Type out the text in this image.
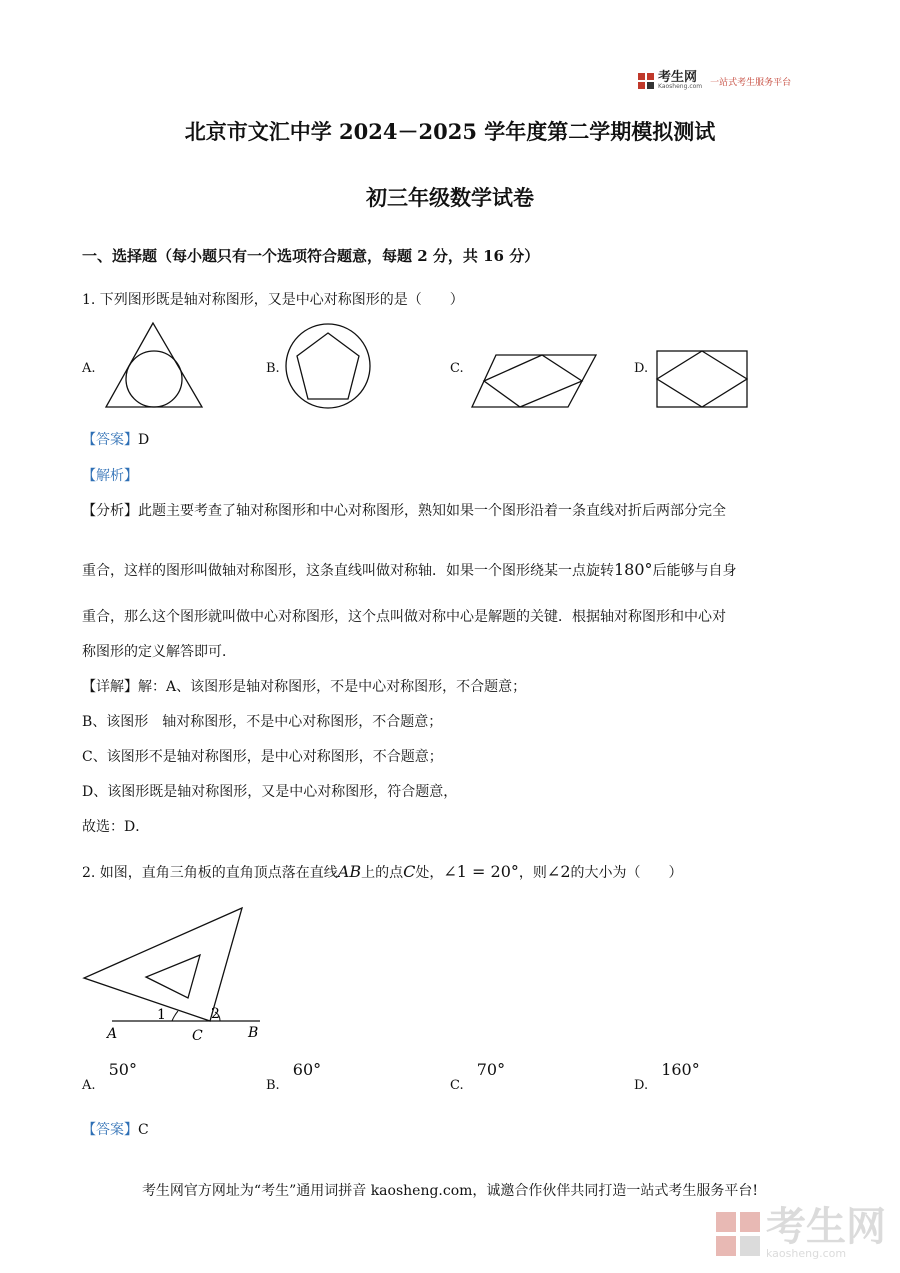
考生网
Kaosheng.com 一站式考生服务平台
北京市文汇中学 2024－2025 学年度第二学期模拟测试
初三年级数学试卷
一、选择题（每小题只有一个选项符合题意，每题 2 分，共 16 分）
1. 下列图形既是轴对称图形，又是中心对称图形的是（　　）
A.	B.	C.	D.
【答案】D
【解析】
【分析】此题主要考查了轴对称图形和中心对称图形，熟知如果一个图形沿着一条直线对折后两部分完全
重合，这样的图形叫做轴对称图形，这条直线叫做对称轴．如果一个图形绕某一点旋转180°后能够与自身
重合，那么这个图形就叫做中心对称图形，这个点叫做对称中心是解题的关键．根据轴对称图形和中心对
称图形的定义解答即可．
【详解】解：A、该图形是轴对称图形，不是中心对称图形，不合题意；
B、该图形　轴对称图形，不是中心对称图形，不合题意；
C、该图形不是轴对称图形，是中心对称图形，不合题意；
D、该图形既是轴对称图形，又是中心对称图形，符合题意，
故选：D．
2. 如图，直角三角板的直角顶点落在直线AB上的点C处，∠1 = 20°，则∠2的大小为（　　）
A	C	B
1	2
$_{A.}$ 50°
$_{B.}$ 60°
$_{C.}$ 70°
$_{D.}$ 160°
【答案】C
考生网官方网址为“考生”通用词拼音 kaosheng.com，诚邀合作伙伴共同打造一站式考生服务平台!
考生网
kaosheng.com
